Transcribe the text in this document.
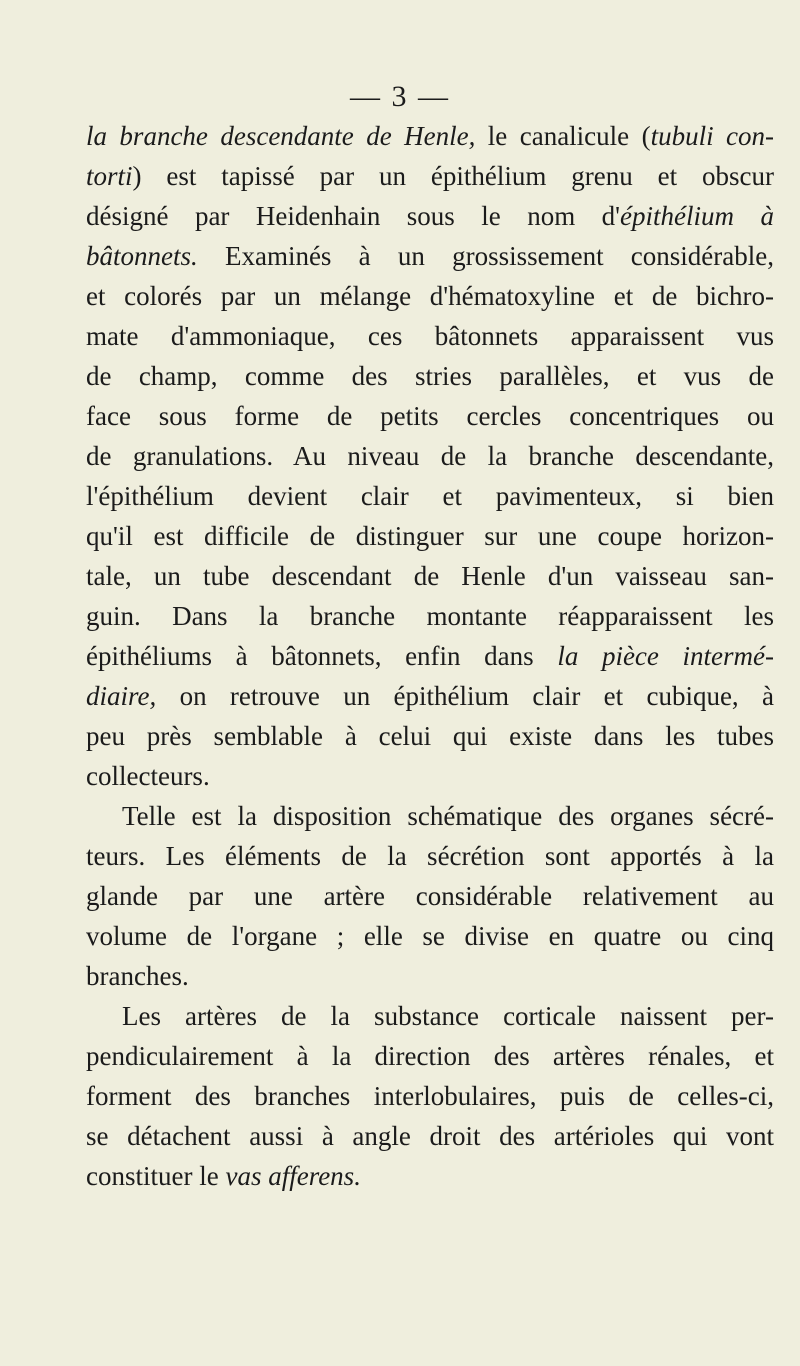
— 3 —
la branche descendante de Henle, le canalicule (tubuli con-
torti) est tapissé par un épithélium grenu et obscur
désigné par Heidenhain sous le nom d'épithélium à
bâtonnets. Examinés à un grossissement considérable,
et colorés par un mélange d'hématoxyline et de bichro-
mate d'ammoniaque, ces bâtonnets apparaissent vus
de champ, comme des stries parallèles, et vus de
face sous forme de petits cercles concentriques ou
de granulations. Au niveau de la branche descendante,
l'épithélium devient clair et pavimenteux, si bien
qu'il est difficile de distinguer sur une coupe horizon-
tale, un tube descendant de Henle d'un vaisseau san-
guin. Dans la branche montante réapparaissent les
épithéliums à bâtonnets, enfin dans la pièce intermé-
diaire, on retrouve un épithélium clair et cubique, à
peu près semblable à celui qui existe dans les tubes
collecteurs.
Telle est la disposition schématique des organes sécré-
teurs. Les éléments de la sécrétion sont apportés à la
glande par une artère considérable relativement au
volume de l'organe ; elle se divise en quatre ou cinq
branches.
Les artères de la substance corticale naissent per-
pendiculairement à la direction des artères rénales, et
forment des branches interlobulaires, puis de celles-ci,
se détachent aussi à angle droit des artérioles qui vont
constituer le vas afferens.
